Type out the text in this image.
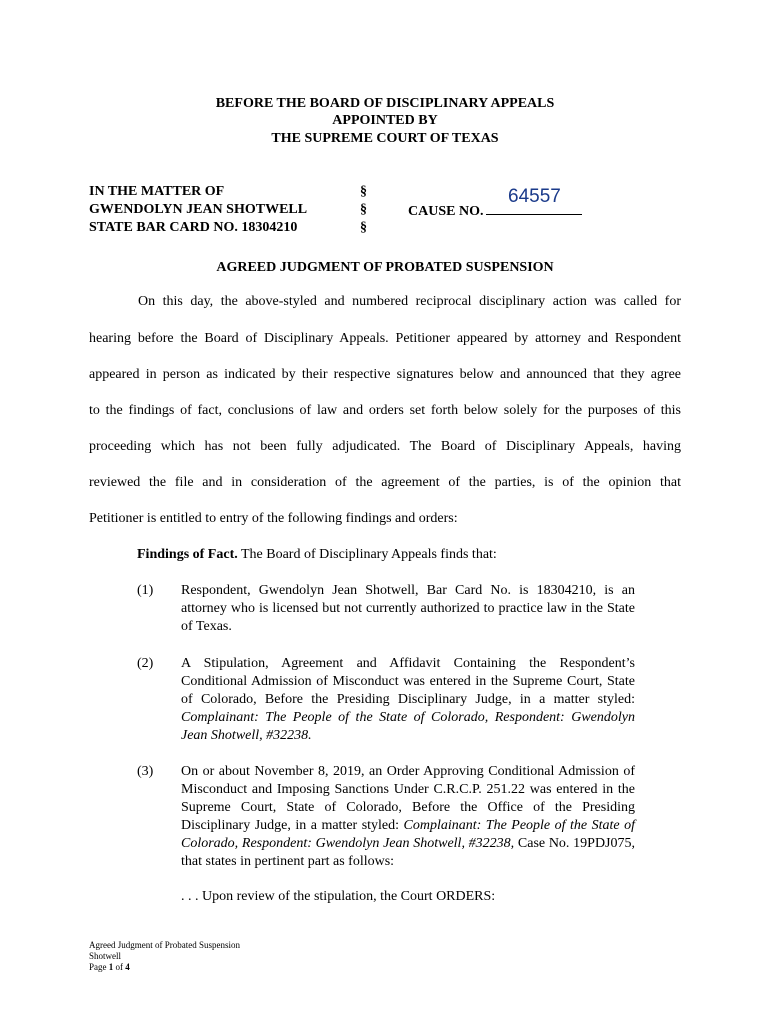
BEFORE THE BOARD OF DISCIPLINARY APPEALS
APPOINTED BY
THE SUPREME COURT OF TEXAS
IN THE MATTER OF
GWENDOLYN JEAN SHOTWELL
STATE BAR CARD NO. 18304210
§
§
§
CAUSE NO.
64557
AGREED JUDGMENT OF PROBATED SUSPENSION
On this day, the above-styled and numbered reciprocal disciplinary action was called for
hearing before the Board of Disciplinary Appeals. Petitioner appeared by attorney and Respondent
appeared in person as indicated by their respective signatures below and announced that they agree
to the findings of fact, conclusions of law and orders set forth below solely for the purposes of this
proceeding which has not been fully adjudicated. The Board of Disciplinary Appeals, having
reviewed the file and in consideration of the agreement of the parties, is of the opinion that
Petitioner is entitled to entry of the following findings and orders:
Findings of Fact. The Board of Disciplinary Appeals finds that:
(1) Respondent, Gwendolyn Jean Shotwell, Bar Card No. is 18304210, is an attorney who is licensed but not currently authorized to practice law in the State of Texas.
(2) A Stipulation, Agreement and Affidavit Containing the Respondent’s Conditional Admission of Misconduct was entered in the Supreme Court, State of Colorado, Before the Presiding Disciplinary Judge, in a matter styled: Complainant: The People of the State of Colorado, Respondent: Gwendolyn Jean Shotwell, #32238.
(3) On or about November 8, 2019, an Order Approving Conditional Admission of Misconduct and Imposing Sanctions Under C.R.C.P. 251.22 was entered in the Supreme Court, State of Colorado, Before the Office of the Presiding Disciplinary Judge, in a matter styled: Complainant: The People of the State of Colorado, Respondent: Gwendolyn Jean Shotwell, #32238, Case No. 19PDJ075, that states in pertinent part as follows:
. . . Upon review of the stipulation, the Court ORDERS:
Agreed Judgment of Probated Suspension
Shotwell
Page 1 of 4
